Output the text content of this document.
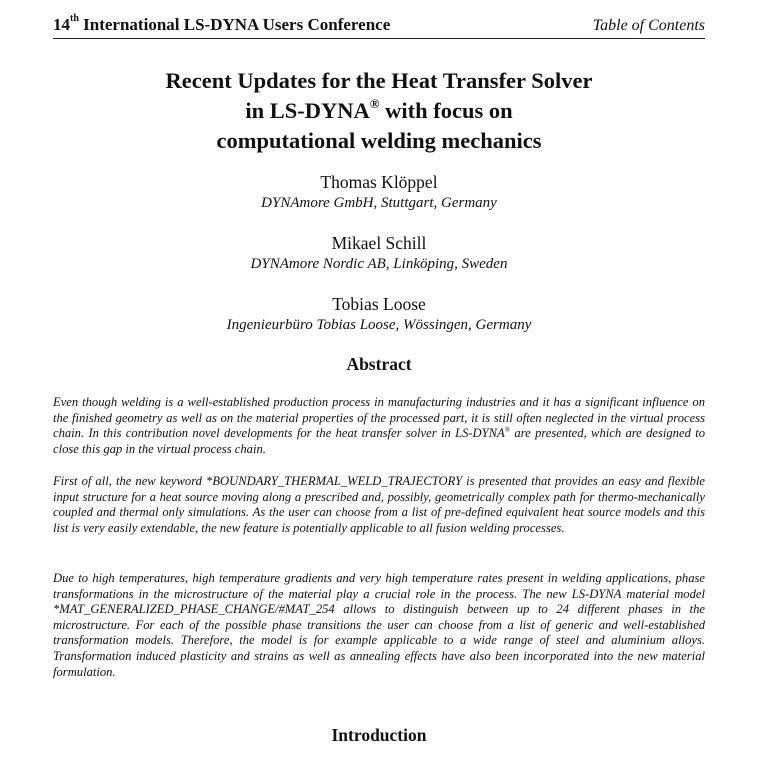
14th International LS-DYNA Users Conference	Table of Contents
Recent Updates for the Heat Transfer Solver
in LS-DYNA® with focus on
computational welding mechanics
Thomas Klöppel
DYNAmore GmbH, Stuttgart, Germany
Mikael Schill
DYNAmore Nordic AB, Linköping, Sweden
Tobias Loose
Ingenieurbüro Tobias Loose, Wössingen, Germany
Abstract

Even though welding is a well-established production process in manufacturing industries and it has a significant influence on the finished geometry as well as on the material properties of the processed part, it is still often neglected in the virtual process chain. In this contribution novel developments for the heat transfer solver in LS-DYNA® are presented, which are designed to close this gap in the virtual process chain.

First of all, the new keyword *BOUNDARY_THERMAL_WELD_TRAJECTORY is presented that provides an easy and flexible input structure for a heat source moving along a prescribed and, possibly, geometrically complex path for thermo-mechanically coupled and thermal only simulations. As the user can choose from a list of pre-defined equivalent heat source models and this list is very easily extendable, the new feature is potentially applicable to all fusion welding processes.

Due to high temperatures, high temperature gradients and very high temperature rates present in welding applications, phase transformations in the microstructure of the material play a crucial role in the process. The new LS-DYNA material model *MAT_GENERALIZED_PHASE_CHANGE/#MAT_254 allows to distinguish between up to 24 different phases in the microstructure. For each of the possible phase transitions the user can choose from a list of generic and well-established transformation models. Therefore, the model is for example applicable to a wide range of steel and aluminium alloys. Transformation induced plasticity and strains as well as annealing effects have also been incorporated into the new material formulation.

Introduction
